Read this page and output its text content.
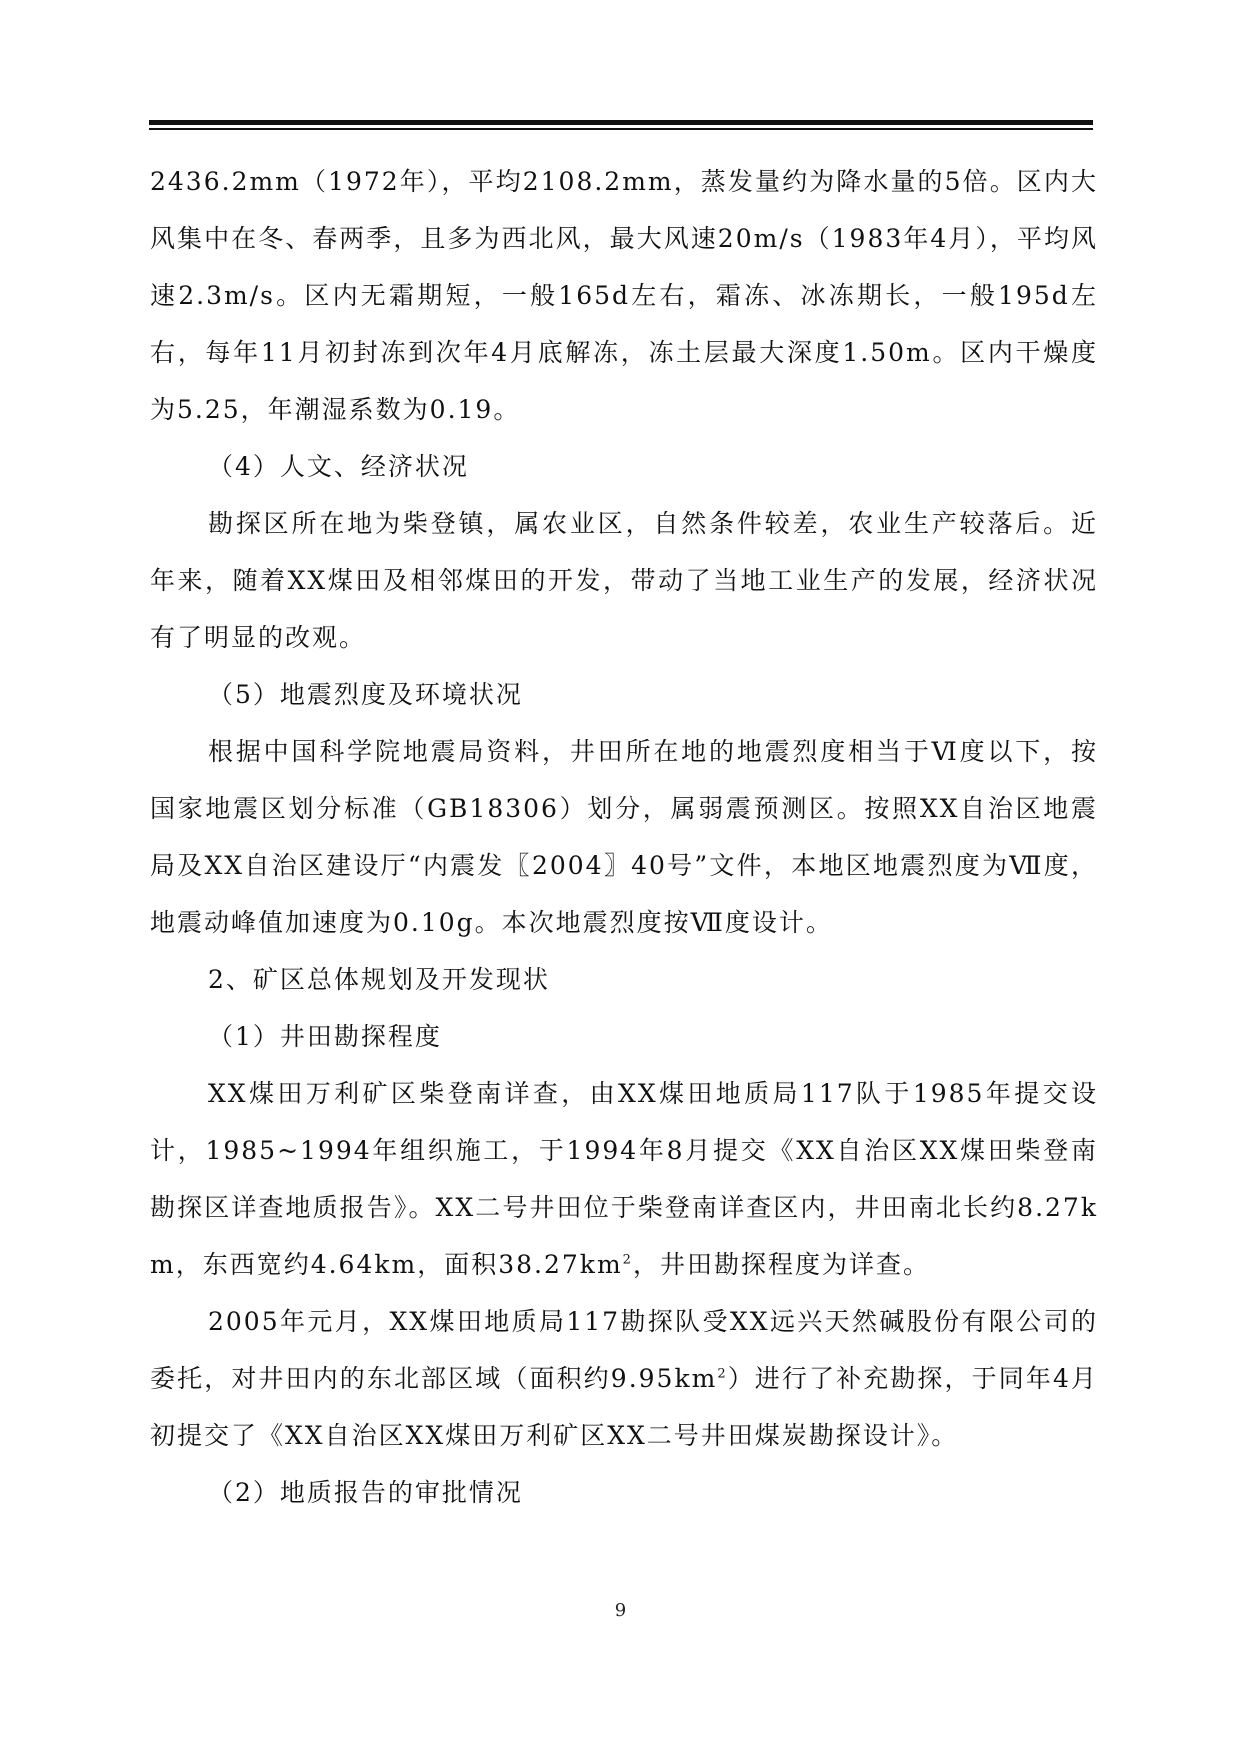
2436.2mm（1972年），平均2108.2mm，蒸发量约为降水量的5倍。区内大风集中在冬、春两季，且多为西北风，最大风速20m/s（1983年4月），平均风速2.3m/s。区内无霜期短，一般165d左右，霜冻、冰冻期长，一般195d左右，每年11月初封冻到次年4月底解冻，冻土层最大深度1.50m。区内干燥度为5.25，年潮湿系数为0.19。

（4）人文、经济状况

勘探区所在地为柴登镇，属农业区，自然条件较差，农业生产较落后。近年来，随着XX煤田及相邻煤田的开发，带动了当地工业生产的发展，经济状况有了明显的改观。

（5）地震烈度及环境状况

根据中国科学院地震局资料，井田所在地的地震烈度相当于Ⅵ度以下，按国家地震区划分标准（GB18306）划分，属弱震预测区。按照XX自治区地震局及XX自治区建设厅“内震发〖2004〗40号”文件，本地区地震烈度为Ⅶ度，地震动峰值加速度为0.10g。本次地震烈度按Ⅶ度设计。

2、矿区总体规划及开发现状

（1）井田勘探程度

XX煤田万利矿区柴登南详查，由XX煤田地质局117队于1985年提交设计，1985~1994年组织施工，于1994年8月提交《XX自治区XX煤田柴登南勘探区详查地质报告》。XX二号井田位于柴登南详查区内，井田南北长约8.27km，东西宽约4.64km，面积$38.27km^2$，井田勘探程度为详查。

2005年元月，XX煤田地质局117勘探队受XX远兴天然碱股份有限公司的委托，对井田内的东北部区域（面积约$9.95km^2$）进行了补充勘探，于同年4月初提交了《XX自治区XX煤田万利矿区XX二号井田煤炭勘探设计》。

（2）地质报告的审批情况

9
